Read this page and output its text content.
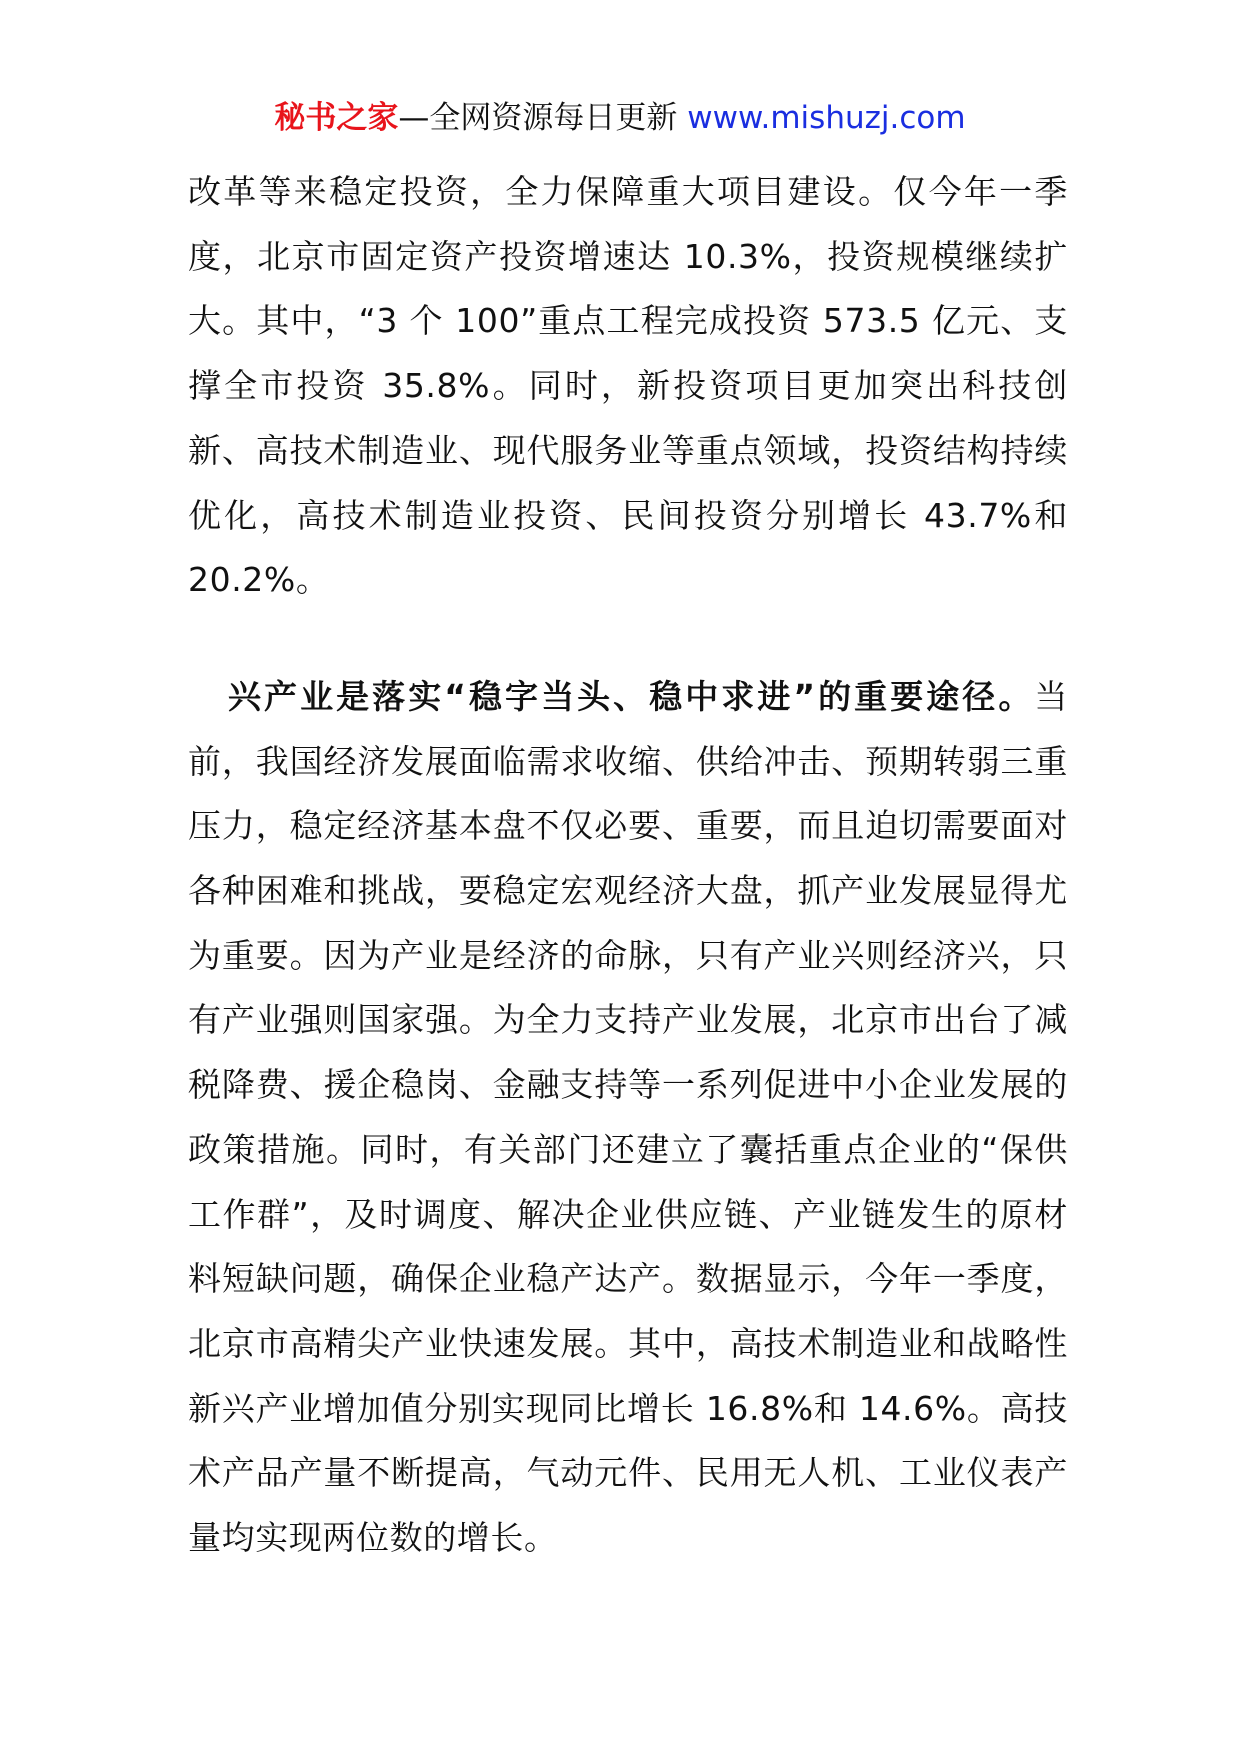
秘书之家—全网资源每日更新 www.mishuzj.com

改革等来稳定投资，全力保障重大项目建设。仅今年一季度，北京市固定资产投资增速达 10.3%，投资规模继续扩大。其中，“3 个 100”重点工程完成投资 573.5 亿元、支撑全市投资 35.8%。同时，新投资项目更加突出科技创新、高技术制造业、现代服务业等重点领域，投资结构持续优化，高技术制造业投资、民间投资分别增长 43.7%和 20.2%。

兴产业是落实“稳字当头、稳中求进”的重要途径。当前，我国经济发展面临需求收缩、供给冲击、预期转弱三重压力，稳定经济基本盘不仅必要、重要，而且迫切需要面对各种困难和挑战，要稳定宏观经济大盘，抓产业发展显得尤为重要。因为产业是经济的命脉，只有产业兴则经济兴，只有产业强则国家强。为全力支持产业发展，北京市出台了减税降费、援企稳岗、金融支持等一系列促进中小企业发展的政策措施。同时，有关部门还建立了囊括重点企业的“保供工作群”，及时调度、解决企业供应链、产业链发生的原材料短缺问题，确保企业稳产达产。数据显示，今年一季度，北京市高精尖产业快速发展。其中，高技术制造业和战略性新兴产业增加值分别实现同比增长 16.8%和 14.6%。高技术产品产量不断提高，气动元件、民用无人机、工业仪表产量均实现两位数的增长。
